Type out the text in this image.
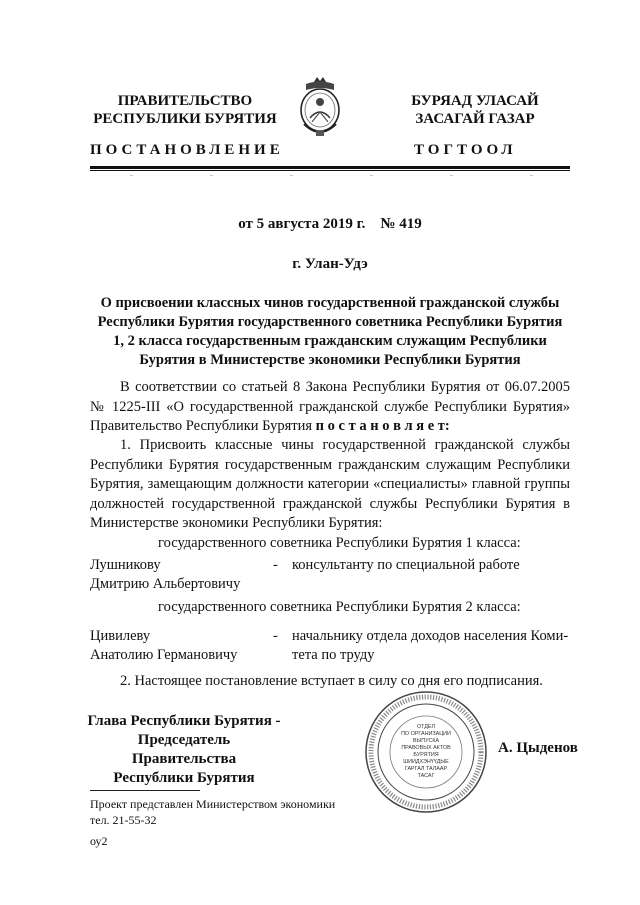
ПРАВИТЕЛЬСТВО
РЕСПУБЛИКИ БУРЯТИЯ
БУРЯАД УЛАСАЙ
ЗАСАГАЙ ГАЗАР
ПОСТАНОВЛЕНИЕ	ТОГТООЛ
от 5 августа 2019 г.    № 419
г. Улан-Удэ
О присвоении классных чинов государственной гражданской службы
Республики Бурятия государственного советника Республики Бурятия
1, 2 класса государственным гражданским служащим Республики
Бурятия в Министерстве экономики Республики Бурятия
В соответствии со статьей 8 Закона Республики Бурятия от 06.07.2005 № 1225-III «О государственной гражданской службе Республики Бурятия» Правительство Республики Бурятия п о с т а н о в л я е т:
1. Присвоить классные чины государственной гражданской службы Республики Бурятия государственным гражданским служащим Республики Бурятия, замещающим должности категории «специалисты» главной группы должностей государственной гражданской службы Республики Бурятия в Министерстве экономики Республики Бурятия:
государственного советника Республики Бурятия 1 класса:
Лушникову
Дмитрию Альбертовичу
- консультанту по специальной работе
государственного советника Республики Бурятия 2 класса:
Цивилеву
Анатолию Германовичу
- начальнику отдела доходов населения Коми-
тета по труду
2. Настоящее постановление вступает в силу со дня его подписания.
Глава Республики Бурятия -
Председатель Правительства
Республики Бурятия
ОТДЕЛ
ПО ОРГАНИЗАЦИИ
ВЫПУСКА
ПРАВОВЫХ АКТОВ
БУРЯТИЯ
ШИИДХЭНҮҮДЫЕ
ГАРГАЛ ТАЛААР
ТАСАГ
А. Цыденов
Проект представлен Министерством экономики
тел. 21-55-32
оу2
